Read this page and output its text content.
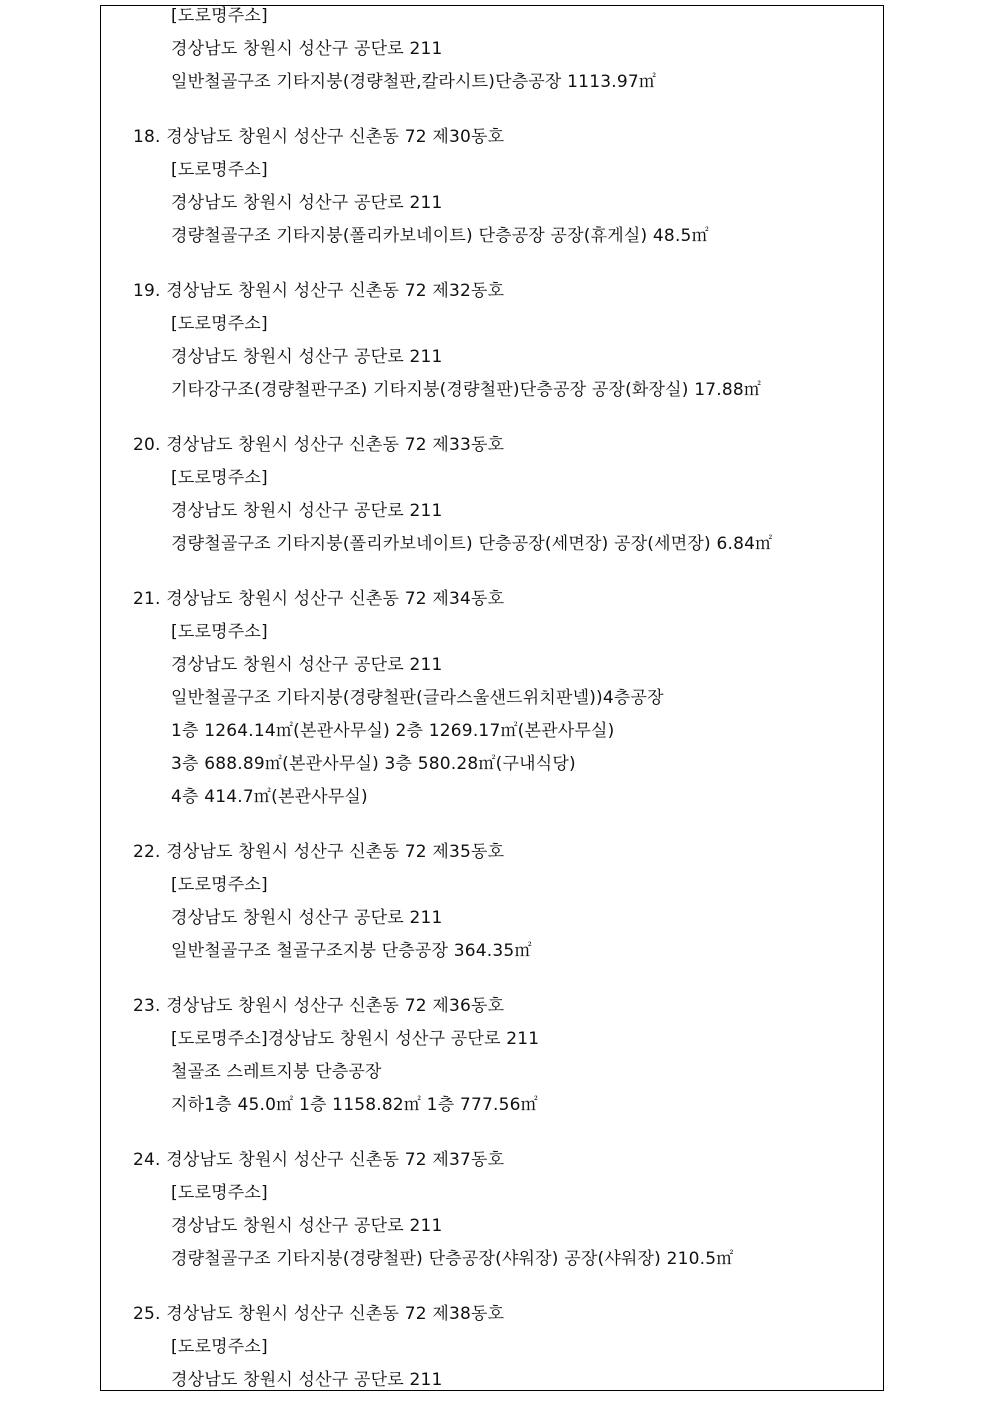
[도로명주소]
경상남도 창원시 성산구 공단로 211
일반철골구조 기타지붕(경량철판,칼라시트)단층공장 1113.97㎡
18. 경상남도 창원시 성산구 신촌동 72 제30동호
[도로명주소]
경상남도 창원시 성산구 공단로 211
경량철골구조 기타지붕(폴리카보네이트) 단층공장 공장(휴게실) 48.5㎡
19. 경상남도 창원시 성산구 신촌동 72 제32동호
[도로명주소]
경상남도 창원시 성산구 공단로 211
기타강구조(경량철판구조) 기타지붕(경량철판)단층공장 공장(화장실) 17.88㎡
20. 경상남도 창원시 성산구 신촌동 72 제33동호
[도로명주소]
경상남도 창원시 성산구 공단로 211
경량철골구조 기타지붕(폴리카보네이트) 단층공장(세면장) 공장(세면장) 6.84㎡
21. 경상남도 창원시 성산구 신촌동 72 제34동호
[도로명주소]
경상남도 창원시 성산구 공단로 211
일반철골구조 기타지붕(경량철판(글라스울샌드위치판넬))4층공장
1층 1264.14㎡(본관사무실) 2층 1269.17㎡(본관사무실)
3층 688.89㎡(본관사무실) 3층 580.28㎡(구내식당)
4층 414.7㎡(본관사무실)
22. 경상남도 창원시 성산구 신촌동 72 제35동호
[도로명주소]
경상남도 창원시 성산구 공단로 211
일반철골구조 철골구조지붕 단층공장 364.35㎡
23. 경상남도 창원시 성산구 신촌동 72 제36동호
[도로명주소]경상남도 창원시 성산구 공단로 211
철골조 스레트지붕 단층공장
지하1층 45.0㎡ 1층 1158.82㎡ 1층 777.56㎡
24. 경상남도 창원시 성산구 신촌동 72 제37동호
[도로명주소]
경상남도 창원시 성산구 공단로 211
경량철골구조 기타지붕(경량철판) 단층공장(샤워장) 공장(샤워장) 210.5㎡
25. 경상남도 창원시 성산구 신촌동 72 제38동호
[도로명주소]
경상남도 창원시 성산구 공단로 211
